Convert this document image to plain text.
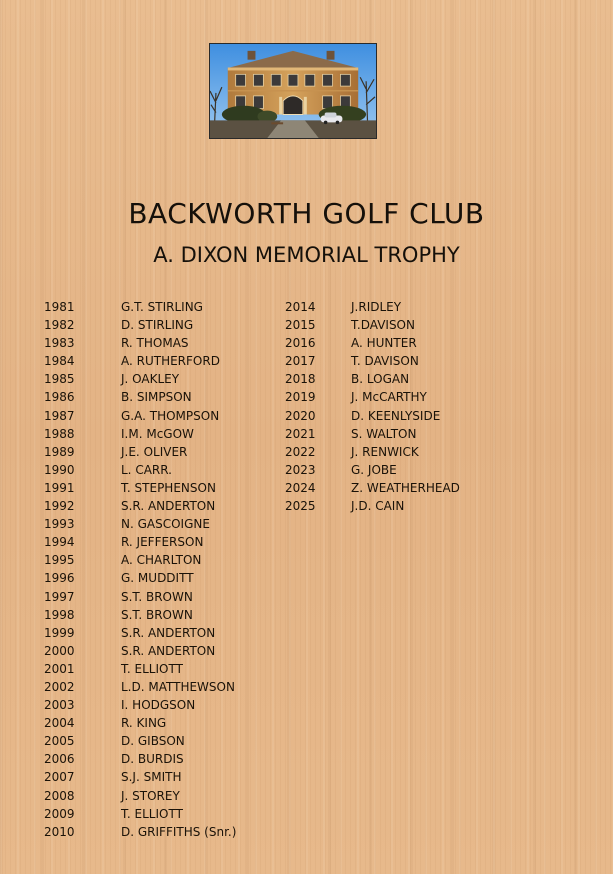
BACKWORTH GOLF CLUB
A. DIXON MEMORIAL TROPHY
1981	G.T. STIRLING
1982	D. STIRLING
1983	R. THOMAS
1984	A. RUTHERFORD
1985	J. OAKLEY
1986	B. SIMPSON
1987	G.A. THOMPSON
1988	I.M. McGOW
1989	J.E. OLIVER
1990	L. CARR.
1991	T. STEPHENSON
1992	S.R. ANDERTON
1993	N. GASCOIGNE
1994	R. JEFFERSON
1995	A. CHARLTON
1996	G. MUDDITT
1997	S.T. BROWN
1998	S.T. BROWN
1999	S.R. ANDERTON
2000	S.R. ANDERTON
2001	T. ELLIOTT
2002	L.D. MATTHEWSON
2003	I. HODGSON
2004	R. KING
2005	D. GIBSON
2006	D. BURDIS
2007	S.J. SMITH
2008	J. STOREY
2009	T. ELLIOTT
2010	D. GRIFFITHS (Snr.)
2014	J.RIDLEY
2015	T.DAVISON
2016	A. HUNTER
2017	T. DAVISON
2018	B. LOGAN
2019	J. McCARTHY
2020	D. KEENLYSIDE
2021	S. WALTON
2022	J. RENWICK
2023	G. JOBE
2024	Z. WEATHERHEAD
2025	J.D. CAIN
